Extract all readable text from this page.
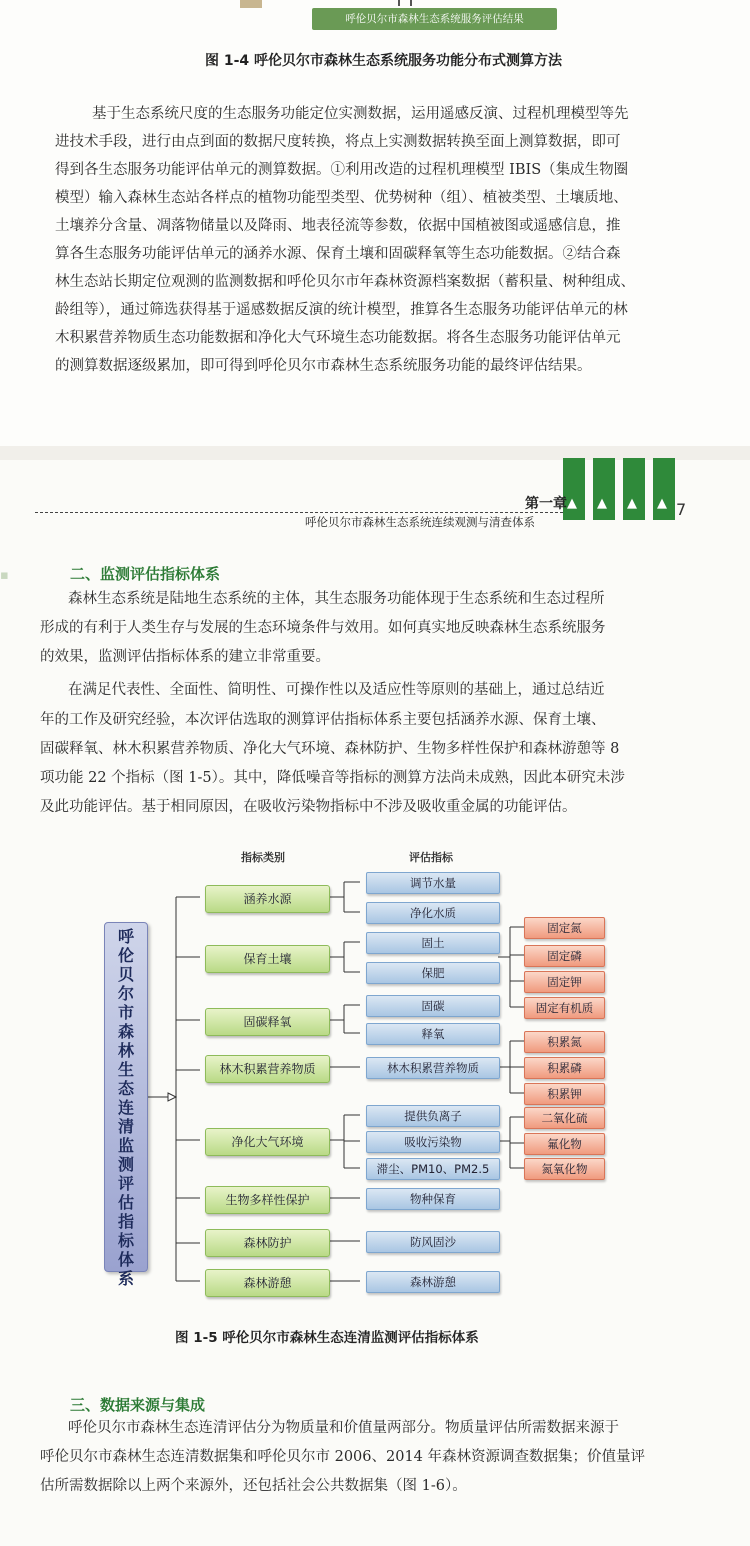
呼伦贝尔市森林生态系统服务评估结果
图 1-4 呼伦贝尔市森林生态系统服务功能分布式测算方法
基于生态系统尺度的生态服务功能定位实测数据，运用遥感反演、过程机理模型等先
进技术手段，进行由点到面的数据尺度转换，将点上实测数据转换至面上测算数据，即可
得到各生态服务功能评估单元的测算数据。①利用改造的过程机理模型 IBIS（集成生物圈
模型）输入森林生态站各样点的植物功能型类型、优势树种（组）、植被类型、土壤质地、
土壤养分含量、凋落物储量以及降雨、地表径流等参数，依据中国植被图或遥感信息，推
算各生态服务功能评估单元的涵养水源、保育土壤和固碳释氧等生态功能数据。②结合森
林生态站长期定位观测的监测数据和呼伦贝尔市年森林资源档案数据（蓄积量、树种组成、
龄组等），通过筛选获得基于遥感数据反演的统计模型，推算各生态服务功能评估单元的林
木积累营养物质生态功能数据和净化大气环境生态功能数据。将各生态服务功能评估单元
的测算数据逐级累加，即可得到呼伦贝尔市森林生态系统服务功能的最终评估结果。
▲ ▲ ▲ ▲
第一章
呼伦贝尔市森林生态系统连续观测与清查体系
7
▪	二、监测评估指标体系
森林生态系统是陆地生态系统的主体，其生态服务功能体现于生态系统和生态过程所
形成的有利于人类生存与发展的生态环境条件与效用。如何真实地反映森林生态系统服务
的效果，监测评估指标体系的建立非常重要。
在满足代表性、全面性、简明性、可操作性以及适应性等原则的基础上，通过总结近
年的工作及研究经验，本次评估选取的测算评估指标体系主要包括涵养水源、保育土壤、
固碳释氧、林木积累营养物质、净化大气环境、森林防护、生物多样性保护和森林游憩等 8
项功能 22 个指标（图 1-5）。其中，降低噪音等指标的测算方法尚未成熟，因此本研究未涉
及此功能评估。基于相同原因，在吸收污染物指标中不涉及吸收重金属的功能评估。
指标类别	评估指标
呼
伦
贝
尔
市
森
林
生
态
连
清
监
测
评
估
指
标
体
系
涵养水源
保育土壤
固碳释氧
林木积累营养物质
净化大气环境
生物多样性保护
森林防护
森林游憩
调节水量
净化水质
固土
保肥
固碳
释氧
林木积累营养物质
提供负离子
吸收污染物
滞尘、PM10、PM2.5
物种保育
防风固沙
森林游憩
固定氮
固定磷
固定钾
固定有机质
积累氮
积累磷
积累钾
二氧化硫
氟化物
氮氧化物
图 1-5 呼伦贝尔市森林生态连清监测评估指标体系
三、数据来源与集成
呼伦贝尔市森林生态连清评估分为物质量和价值量两部分。物质量评估所需数据来源于
呼伦贝尔市森林生态连清数据集和呼伦贝尔市 2006、2014 年森林资源调查数据集；价值量评
估所需数据除以上两个来源外，还包括社会公共数据集（图 1-6）。
